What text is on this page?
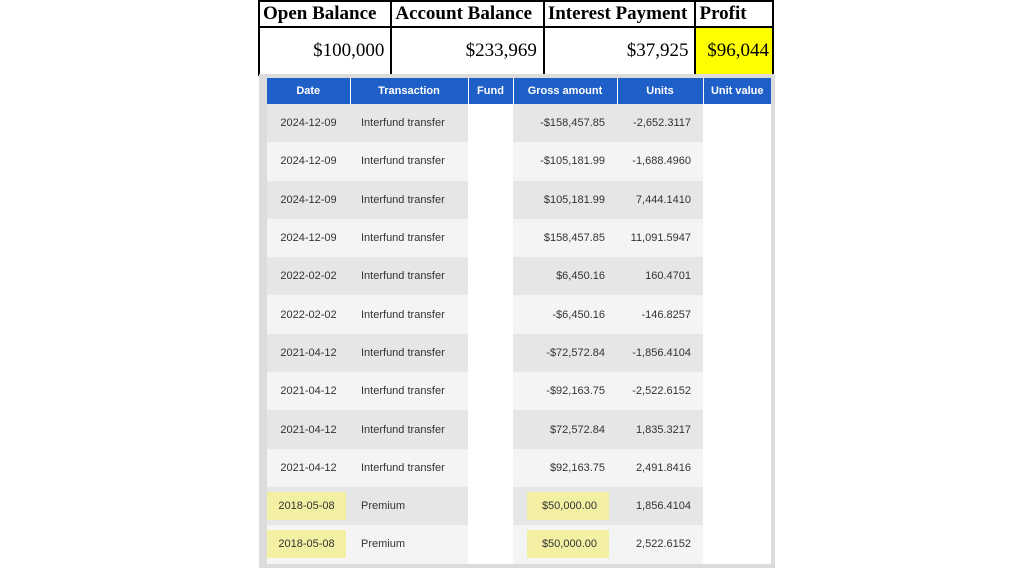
Open Balance	Account Balance	Interest Payment	Profit
$100,000	$233,969	$37,925	$96,044
Date	Transaction	Fund	Gross amount	Units	Unit value
2024-12-09	Interfund transfer		-$158,457.85	-2,652.3117	
2024-12-09	Interfund transfer		-$105,181.99	-1,688.4960	
2024-12-09	Interfund transfer		$105,181.99	7,444.1410	
2024-12-09	Interfund transfer		$158,457.85	11,091.5947	
2022-02-02	Interfund transfer		$6,450.16	160.4701	
2022-02-02	Interfund transfer		-$6,450.16	-146.8257	
2021-04-12	Interfund transfer		-$72,572.84	-1,856.4104	
2021-04-12	Interfund transfer		-$92,163.75	-2,522.6152	
2021-04-12	Interfund transfer		$72,572.84	1,835.3217	
2021-04-12	Interfund transfer		$92,163.75	2,491.8416	

2018-05-08	Premium		$50,000.00	1,856.4104	

2018-05-08	Premium		$50,000.00	2,522.6152	
